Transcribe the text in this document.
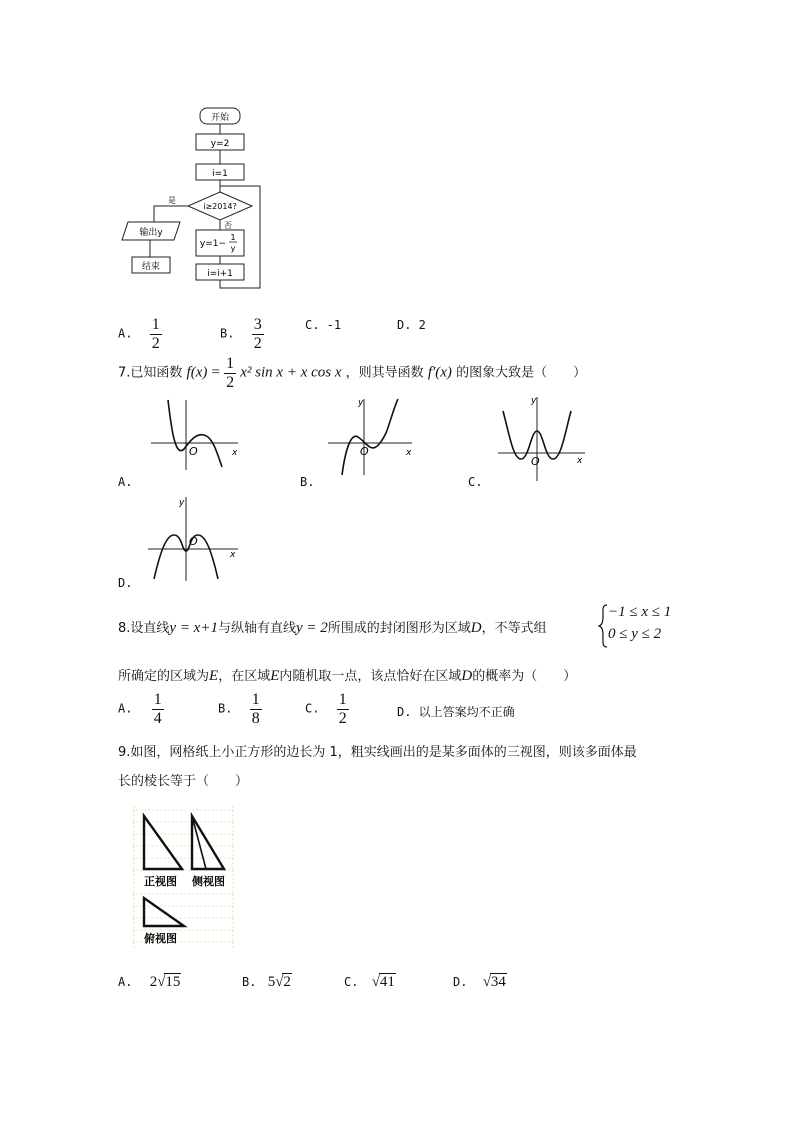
开始
y=2
i=1
i≥2014?
是
否
y=1−
1
y
i=i+1
输出y
结束
A. $\frac{1}{2}$	B. $\frac{3}{2}$	C. -1	D. 2
7.已知函数 $f(x) = \frac{1}{2} x^2$ sin x + x cos x ，则其导函数 f′(x) 的图象大致是（　　）
O	x
A.
y
O	x
B.
y
O	x
C.
y
O
x
D.
8.设直线y = x+1与纵轴有直线y = 2所围成的封闭图形为区域D，不等式组
−1 ≤ x ≤ 1
0 ≤ y ≤ 2
所确定的区域为E，在区域E内随机取一点，该点恰好在区域D的概率为（　　）
A. $\frac{1}{4}$	B. $\frac{1}{8}$	C. $\frac{1}{2}$	D. 以上答案均不正确
9.如图，网格纸上小正方形的边长为 1，粗实线画出的是某多面体的三视图，则该多面体最
长的棱长等于（　　）
正视图 侧视图
俯视图
A. 2√15	B. 5√2	C. √41	D. √34
